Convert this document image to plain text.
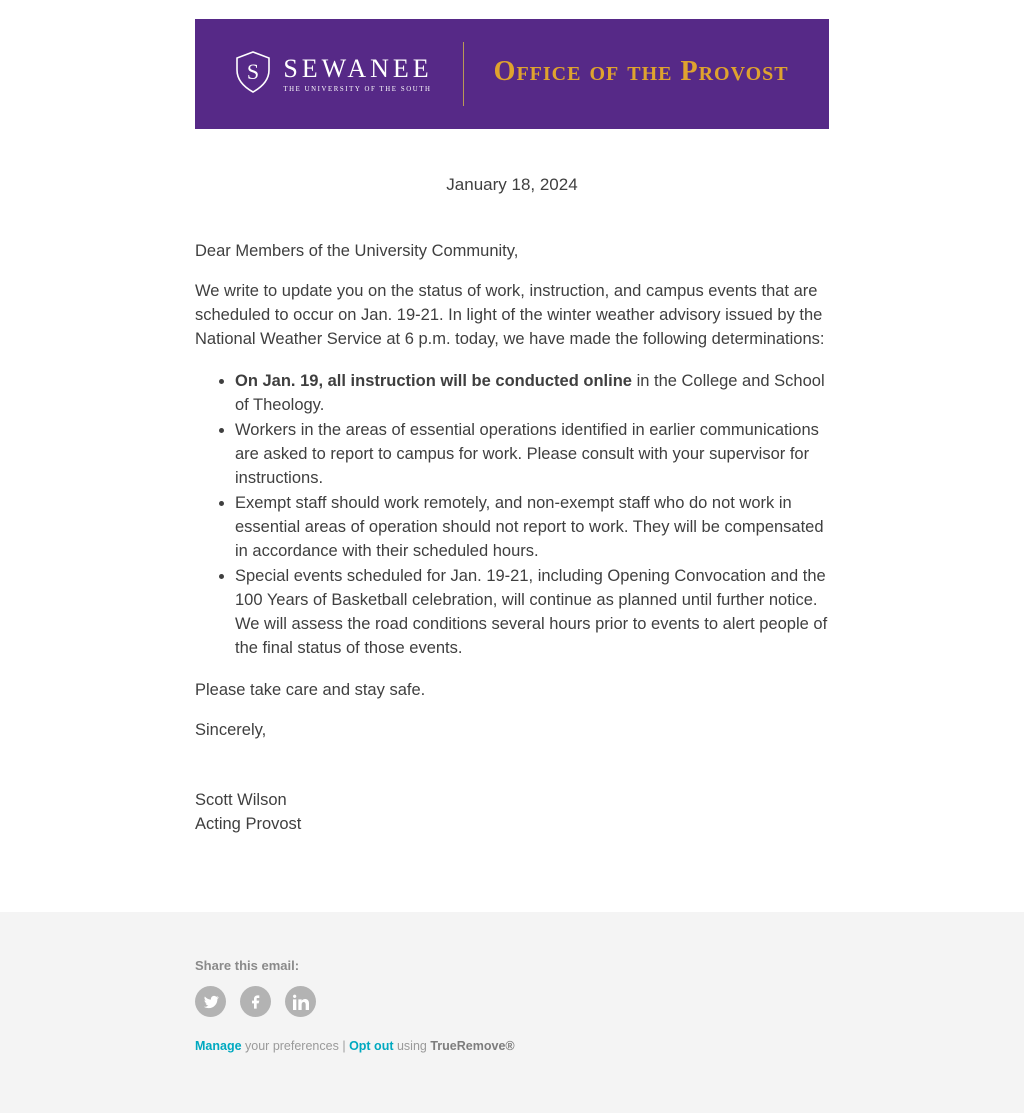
S SEWANEE
THE UNIVERSITY OF THE SOUTH
Office of the Provost
January 18, 2024

Dear Members of the University Community,

We write to update you on the status of work, instruction, and campus events that are scheduled to occur on Jan. 19-21. In light of the winter weather advisory issued by the National Weather Service at 6 p.m. today, we have made the following determinations:

• On Jan. 19, all instruction will be conducted online in the College and School of Theology.
• Workers in the areas of essential operations identified in earlier communications are asked to report to campus for work. Please consult with your supervisor for instructions.
• Exempt staff should work remotely, and non-exempt staff who do not work in essential areas of operation should not report to work. They will be compensated in accordance with their scheduled hours.
• Special events scheduled for Jan. 19-21, including Opening Convocation and the 100 Years of Basketball celebration, will continue as planned until further notice. We will assess the road conditions several hours prior to events to alert people of the final status of those events.

Please take care and stay safe.

Sincerely,

Scott Wilson
Acting Provost

Share this email:
Manage your preferences | Opt out using TrueRemove®
